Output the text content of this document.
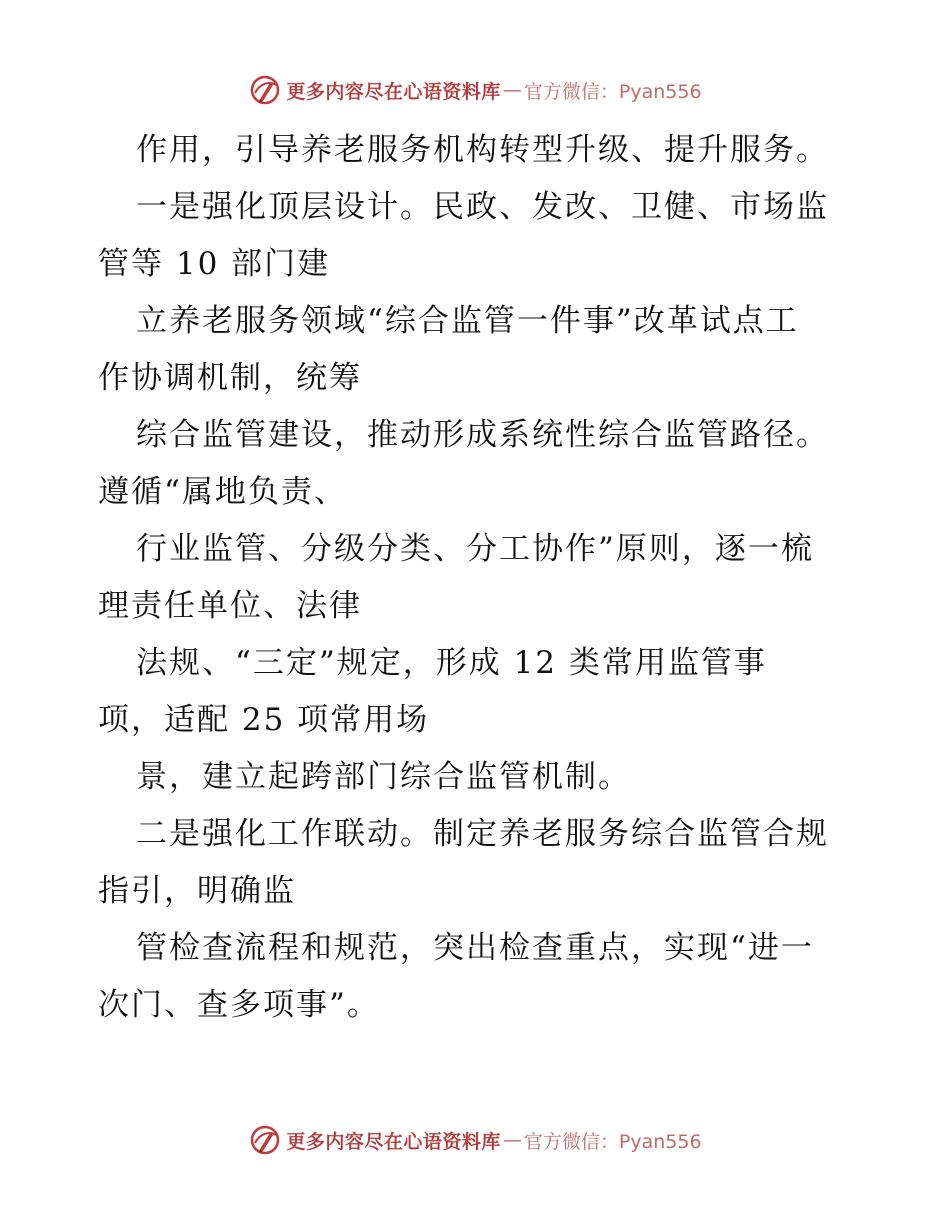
更多内容尽在心语资料库 — 官方微信：Pyan556
作用，引导养老服务机构转型升级、提升服务。
一是强化顶层设计。民政、发改、卫健、市场监
管等 10 部门建
立养老服务领域“综合监管一件事”改革试点工
作协调机制，统筹
综合监管建设，推动形成系统性综合监管路径。
遵循“属地负责、
行业监管、分级分类、分工协作”原则，逐一梳
理责任单位、法律
法规、“三定”规定，形成 12 类常用监管事
项，适配 25 项常用场
景，建立起跨部门综合监管机制。
二是强化工作联动。制定养老服务综合监管合规
指引，明确监
管检查流程和规范，突出检查重点，实现“进一
次门、查多项事”。
更多内容尽在心语资料库 — 官方微信：Pyan556
